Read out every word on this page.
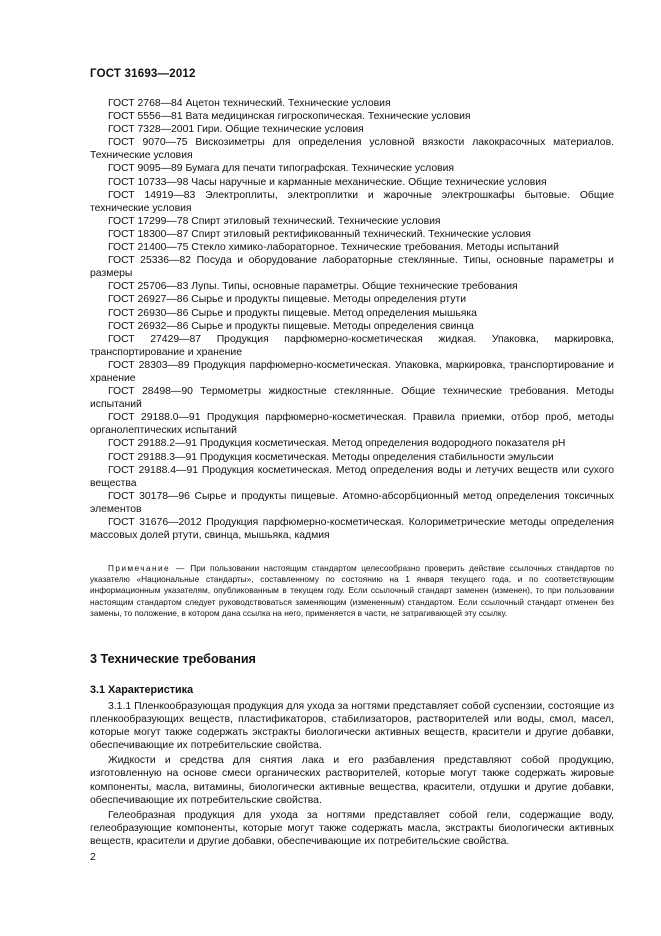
ГОСТ 31693—2012

ГОСТ 2768—84 Ацетон технический. Технические условия

ГОСТ 5556—81 Вата медицинская гигроскопическая. Технические условия

ГОСТ 7328—2001 Гири. Общие технические условия

ГОСТ 9070—75 Вискозиметры для определения условной вязкости лакокрасочных материалов. Технические условия

ГОСТ 9095—89 Бумага для печати типографская. Технические условия

ГОСТ 10733—98 Часы наручные и карманные механические. Общие технические условия

ГОСТ 14919—83 Электроплиты, электроплитки и жарочные электрошкафы бытовые. Общие технические условия

ГОСТ 17299—78 Спирт этиловый технический. Технические условия

ГОСТ 18300—87 Спирт этиловый ректификованный технический. Технические условия

ГОСТ 21400—75 Стекло химико-лабораторное. Технические требования. Методы испытаний

ГОСТ 25336—82 Посуда и оборудование лабораторные стеклянные. Типы, основные параметры и размеры

ГОСТ 25706—83 Лупы. Типы, основные параметры. Общие технические требования

ГОСТ 26927—86 Сырье и продукты пищевые. Методы определения ртути

ГОСТ 26930—86 Сырье и продукты пищевые. Метод определения мышьяка

ГОСТ 26932—86 Сырье и продукты пищевые. Методы определения свинца

ГОСТ 27429—87 Продукция парфюмерно-косметическая жидкая. Упаковка, маркировка, транспортирование и хранение

ГОСТ 28303—89 Продукция парфюмерно-косметическая. Упаковка, маркировка, транспортирование и хранение

ГОСТ 28498—90 Термометры жидкостные стеклянные. Общие технические требования. Методы испытаний

ГОСТ 29188.0—91 Продукция парфюмерно-косметическая. Правила приемки, отбор проб, методы органолептических испытаний

ГОСТ 29188.2—91 Продукция косметическая. Метод определения водородного показателя pH

ГОСТ 29188.3—91 Продукция косметическая. Методы определения стабильности эмульсии

ГОСТ 29188.4—91 Продукция косметическая. Метод определения воды и летучих веществ или сухого вещества

ГОСТ 30178—96 Сырье и продукты пищевые. Атомно-абсорбционный метод определения токсичных элементов

ГОСТ 31676—2012 Продукция парфюмерно-косметическая. Колориметрические методы определения массовых долей ртути, свинца, мышьяка, кадмия

Примечание — При пользовании настоящим стандартом целесообразно проверить действие ссылочных стандартов по указателю «Национальные стандарты», составленному по состоянию на 1 января текущего года, и по соответствующим информационным указателям, опубликованным в текущем году. Если ссылочный стандарт заменен (изменен), то при пользовании настоящим стандартом следует руководствоваться заменяющим (измененным) стандартом. Если ссылочный стандарт отменен без замены, то положение, в котором дана ссылка на него, применяется в части, не затрагивающей эту ссылку.
3 Технические требования
3.1 Характеристика

3.1.1 Пленкообразующая продукция для ухода за ногтями представляет собой суспензии, состоящие из пленкообразующих веществ, пластификаторов, стабилизаторов, растворителей или воды, смол, масел, которые могут также содержать экстракты биологически активных веществ, красители и другие добавки, обеспечивающие их потребительские свойства.

Жидкости и средства для снятия лака и его разбавления представляют собой продукцию, изготовленную на основе смеси органических растворителей, которые могут также содержать жировые компоненты, масла, витамины, биологически активные вещества, красители, отдушки и другие добавки, обеспечивающие их потребительские свойства.

Гелеобразная продукция для ухода за ногтями представляет собой гели, содержащие воду, гелеобразующие компоненты, которые могут также содержать масла, экстракты биологически активных веществ, красители и другие добавки, обеспечивающие их потребительские свойства.

2
